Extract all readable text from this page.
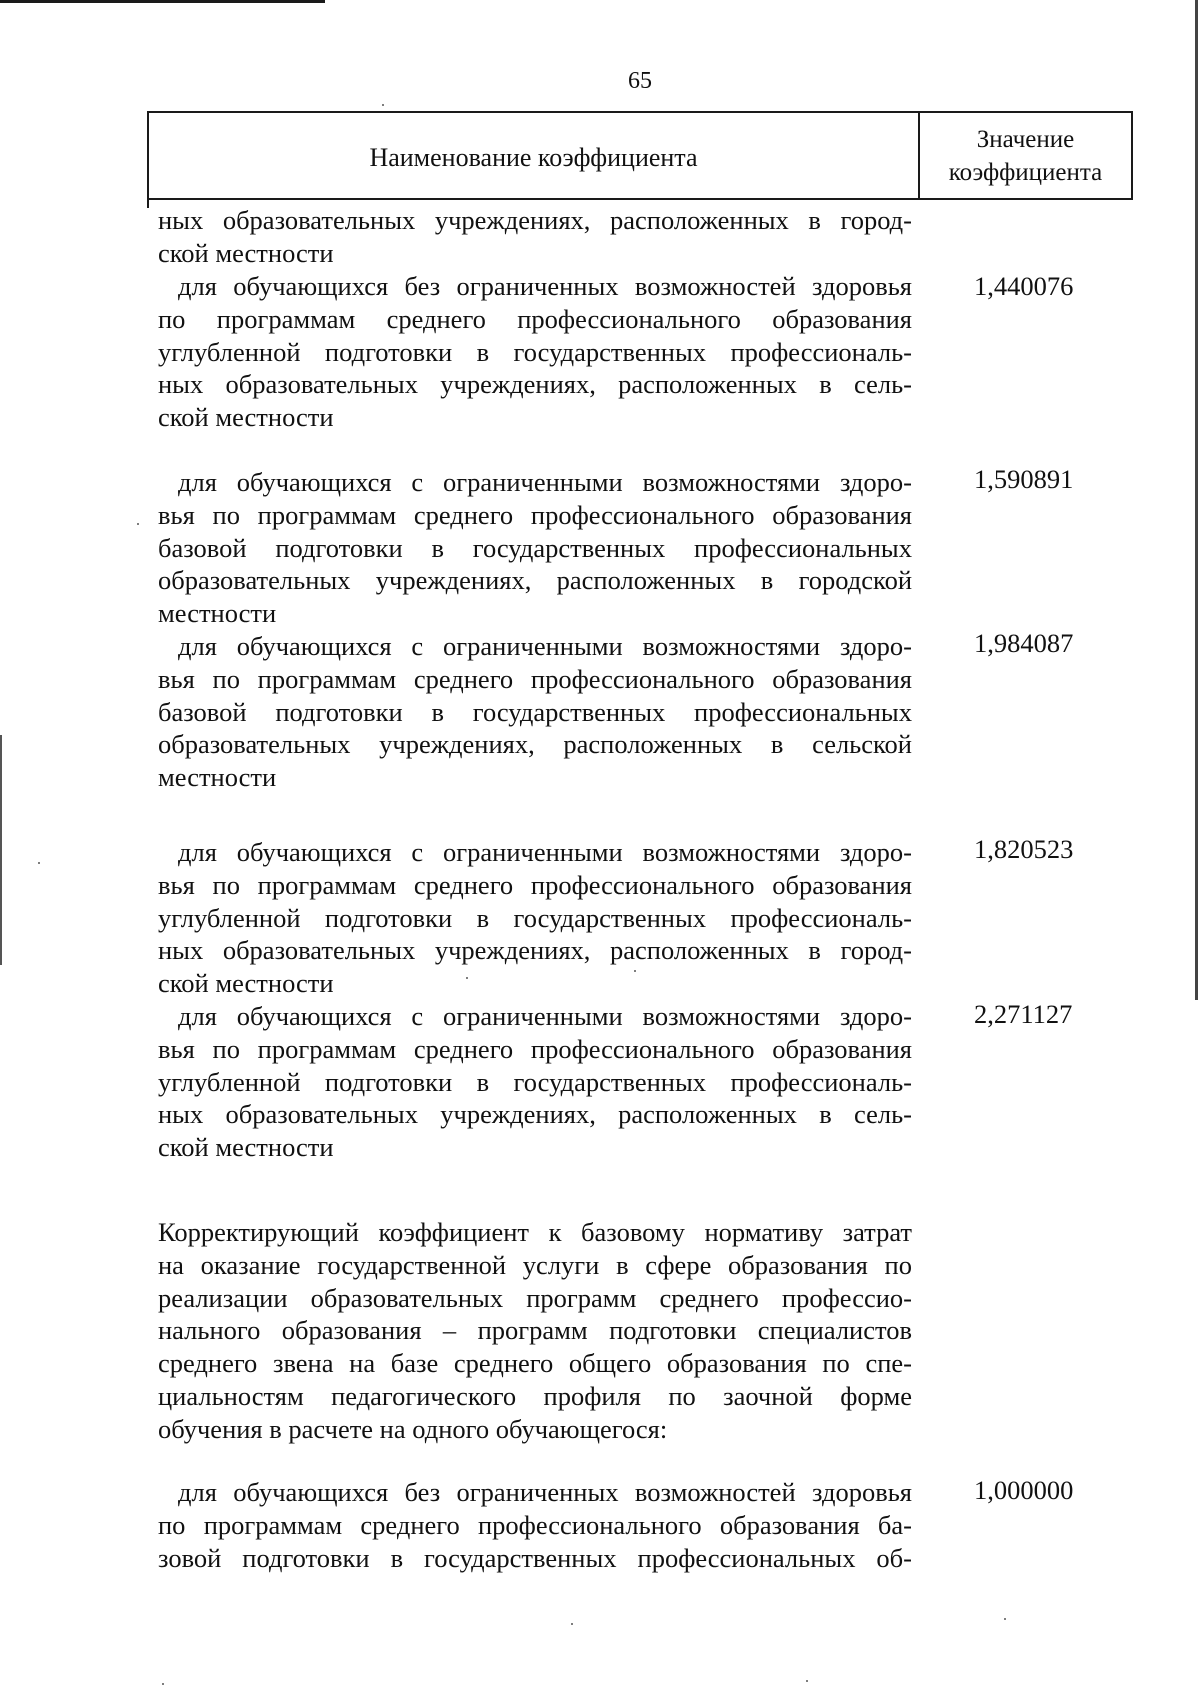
65
Наименование коэффициента
Значение
коэффициента
ных образовательных учреждениях, расположенных в город-
ской местности
для обучающихся без ограниченных возможностей здоровья
по программам среднего профессионального образования
углубленной подготовки в государственных профессиональ-
ных образовательных учреждениях, расположенных в сель-
ской местности
1,440076
для обучающихся с ограниченными возможностями здоро-
вья по программам среднего профессионального образования
базовой подготовки в государственных профессиональных
образовательных учреждениях, расположенных в городской
местности
1,590891
для обучающихся с ограниченными возможностями здоро-
вья по программам среднего профессионального образования
базовой подготовки в государственных профессиональных
образовательных учреждениях, расположенных в сельской
местности
1,984087
для обучающихся с ограниченными возможностями здоро-
вья по программам среднего профессионального образования
углубленной подготовки в государственных профессиональ-
ных образовательных учреждениях, расположенных в город-
ской местности
1,820523
для обучающихся с ограниченными возможностями здоро-
вья по программам среднего профессионального образования
углубленной подготовки в государственных профессиональ-
ных образовательных учреждениях, расположенных в сель-
ской местности
2,271127
Корректирующий коэффициент к базовому нормативу затрат
на оказание государственной услуги в сфере образования по
реализации образовательных программ среднего профессио-
нального образования – программ подготовки специалистов
среднего звена на базе среднего общего образования по спе-
циальностям педагогического профиля по заочной форме
обучения в расчете на одного обучающегося:
для обучающихся без ограниченных возможностей здоровья
по программам среднего профессионального образования ба-
зовой подготовки в государственных профессиональных об-
1,000000
